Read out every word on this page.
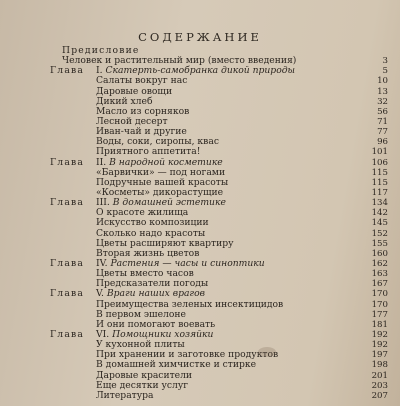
СОДЕРЖАНИЕ
Предисловие
Человек и растительный мир (вместо введения)	3
Глава	I. Скатерть-самобранка дикой природы	5
Салаты вокруг нас	10
Даровые овощи	13
Дикий хлеб	32
Масло из сорняков	56
Лесной десерт	71
Иван-чай и другие	77
Воды, соки, сиропы, квас	96
Приятного аппетита!	101
Глава	II. В народной косметике	106
«Барвички» — под ногами	115
Подручные вашей красоты	115
«Косметы» дикорастущие	117
Глава	III. В домашней эстетике	134
О красоте жилища	142
Искусство композиции	145
Сколько надо красоты	152
Цветы расширяют квартиру	155
Вторая жизнь цветов	160
Глава	IV. Растения — часы и синоптики	162
Цветы вместо часов	163
Предсказатели погоды	167
Глава	V. Враги наших врагов	170
Преимущества зеленых инсектицидов	170
В первом эшелоне	177
И они помогают воевать	181
Глава	VI. Помощники хозяйки	192
У кухонной плиты	192
При хранении и заготовке продуктов	197
В домашней химчистке и стирке	198
Даровые красители	201
Еще десятки услуг	203
Литература	207
